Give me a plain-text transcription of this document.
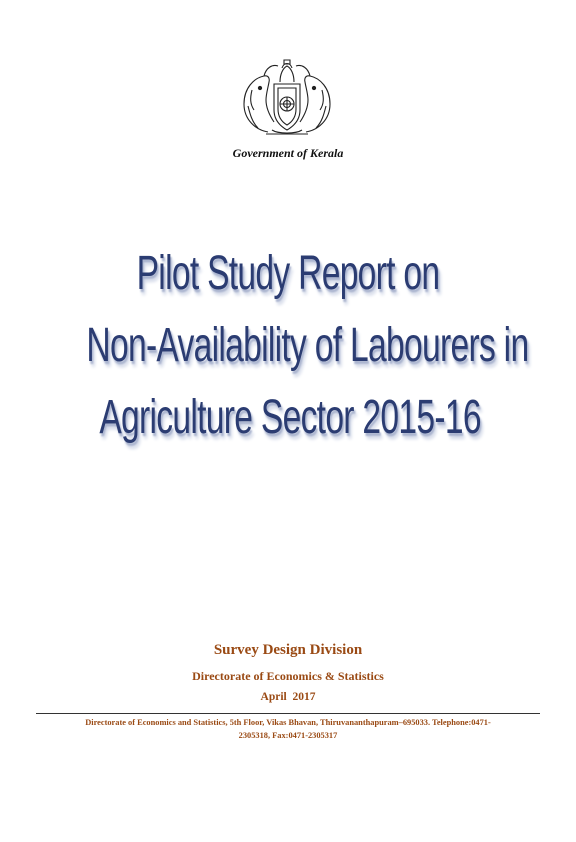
Government of Kerala
Pilot Study Report on
Non-Availability of Labourers in
Agriculture Sector 2015-16
Survey Design Division
Directorate of Economics & Statistics
April  2017
Directorate of Economics and Statistics, 5th Floor, Vikas Bhavan, Thiruvananthapuram–695033. Telephone:0471-
2305318, Fax:0471-2305317
